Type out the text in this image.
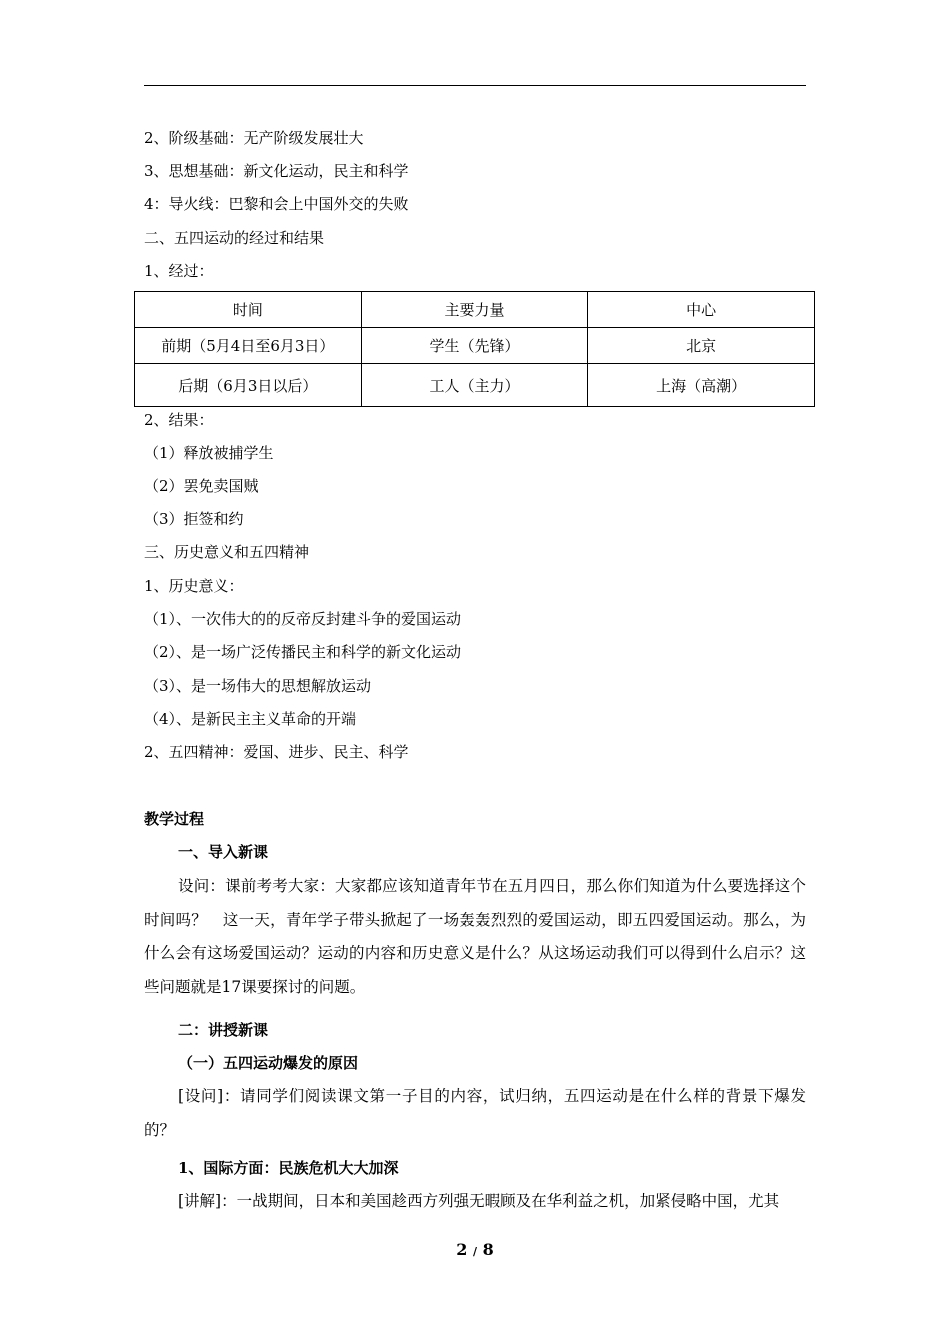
2、阶级基础：无产阶级发展壮大
3、思想基础：新文化运动，民主和科学
4：导火线：巴黎和会上中国外交的失败
二、五四运动的经过和结果
1、经过：
时间	主要力量	中心
前期（5月4日至6月3日）	学生（先锋）	北京
后期（6月3日以后）	工人（主力）	上海（高潮）
2、结果：
（1）释放被捕学生
（2）罢免卖国贼
（3）拒签和约
三、历史意义和五四精神
1、历史意义：
（1）、一次伟大的的反帝反封建斗争的爱国运动
（2）、是一场广泛传播民主和科学的新文化运动
（3）、是一场伟大的思想解放运动
（4）、是新民主主义革命的开端
2、五四精神：爱国、进步、民主、科学
教学过程
一、导入新课
设问：课前考考大家：大家都应该知道青年节在五月四日，那么你们知道为什么要选择这个时间吗？　这一天，青年学子带头掀起了一场轰轰烈烈的爱国运动，即五四爱国运动。那么，为什么会有这场爱国运动？运动的内容和历史意义是什么？从这场运动我们可以得到什么启示？这些问题就是17课要探讨的问题。
二：讲授新课
（一）五四运动爆发的原因
[设问]：请同学们阅读课文第一子目的内容，试归纳，五四运动是在什么样的背景下爆发的？
1、国际方面：民族危机大大加深
[讲解]：一战期间，日本和美国趁西方列强无暇顾及在华利益之机，加紧侵略中国，尤其
2 / 8
